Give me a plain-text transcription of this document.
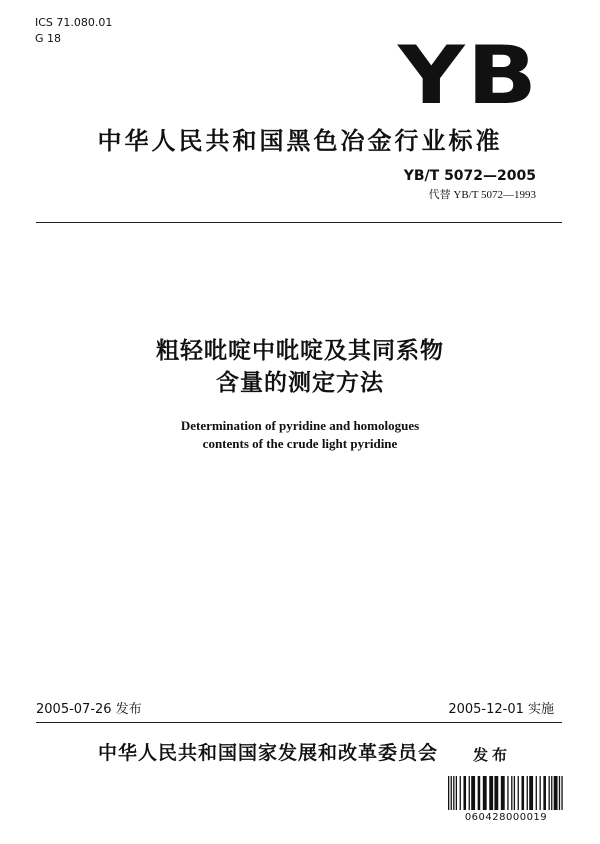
ICS 71.080.01
G 18	YB
中华人民共和国黑色冶金行业标准
YB/T 5072—2005
代替 YB/T 5072—1993
粗轻吡啶中吡啶及其同系物
含量的测定方法
Determination of pyridine and homologues
contents of the crude light pyridine
2005-07-26 发布	2005-12-01 实施
中华人民共和国国家发展和改革委员会 发布
060428000019
